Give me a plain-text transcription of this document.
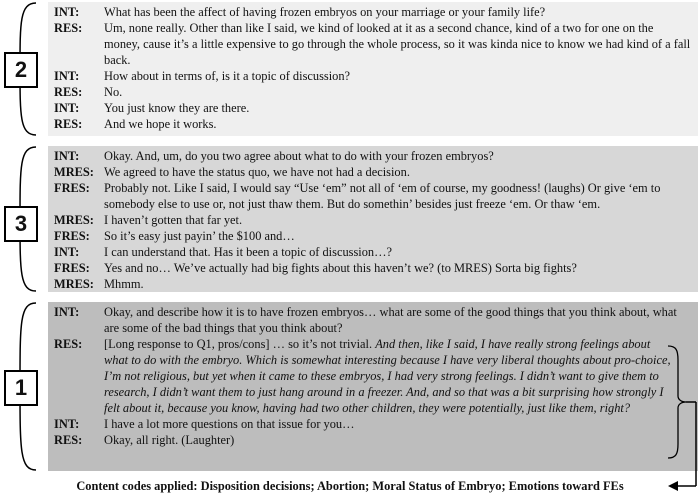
2
3
1
INT:	What has been the affect of having frozen embryos on your marriage or your family life?
RES:	Um, none really. Other than like I said, we kind of looked at it as a second chance, kind of a two for one on the money, cause it’s a little expensive to go through the whole process, so it was kinda nice to know we had kind of a fall back.
INT:	How about in terms of, is it a topic of discussion?
RES:	No.
INT:	You just know they are there.
RES:	And we hope it works.
INT:	Okay. And, um, do you two agree about what to do with your frozen embryos?
MRES: We agreed to have the status quo, we have not had a decision.
FRES:	Probably not. Like I said, I would say “Use ‘em” not all of ‘em of course, my goodness! (laughs) Or give ‘em to somebody else to use or, not just thaw them. But do somethin’ besides just freeze ‘em. Or thaw ‘em.
MRES: I haven’t gotten that far yet.
FRES:	So it’s easy just payin’ the $100 and…
INT:	I can understand that. Has it been a topic of discussion…?
FRES:	Yes and no… We’ve actually had big fights about this haven’t we? (to MRES) Sorta big fights?
MRES: Mhmm.
INT:	Okay, and describe how it is to have frozen embryos… what are some of the good things that you think about, what are some of the bad things that you think about?
RES:	[Long response to Q1, pros/cons] … so it’s not trivial. And then, like I said, I have really strong feelings about what to do with the embryo. Which is somewhat interesting because I have very liberal thoughts about pro-choice, I’m not religious, but yet when it came to these embryos, I had very strong feelings. I didn’t want to give them to research, I didn’t want them to just hang around in a freezer. And, and so that was a bit surprising how strongly I felt about it, because you know, having had two other children, they were potentially, just like them, right?
INT:	I have a lot more questions on that issue for you…
RES:	Okay, all right. (Laughter)
Content codes applied: Disposition decisions; Abortion; Moral Status of Embryo; Emotions toward FEs
